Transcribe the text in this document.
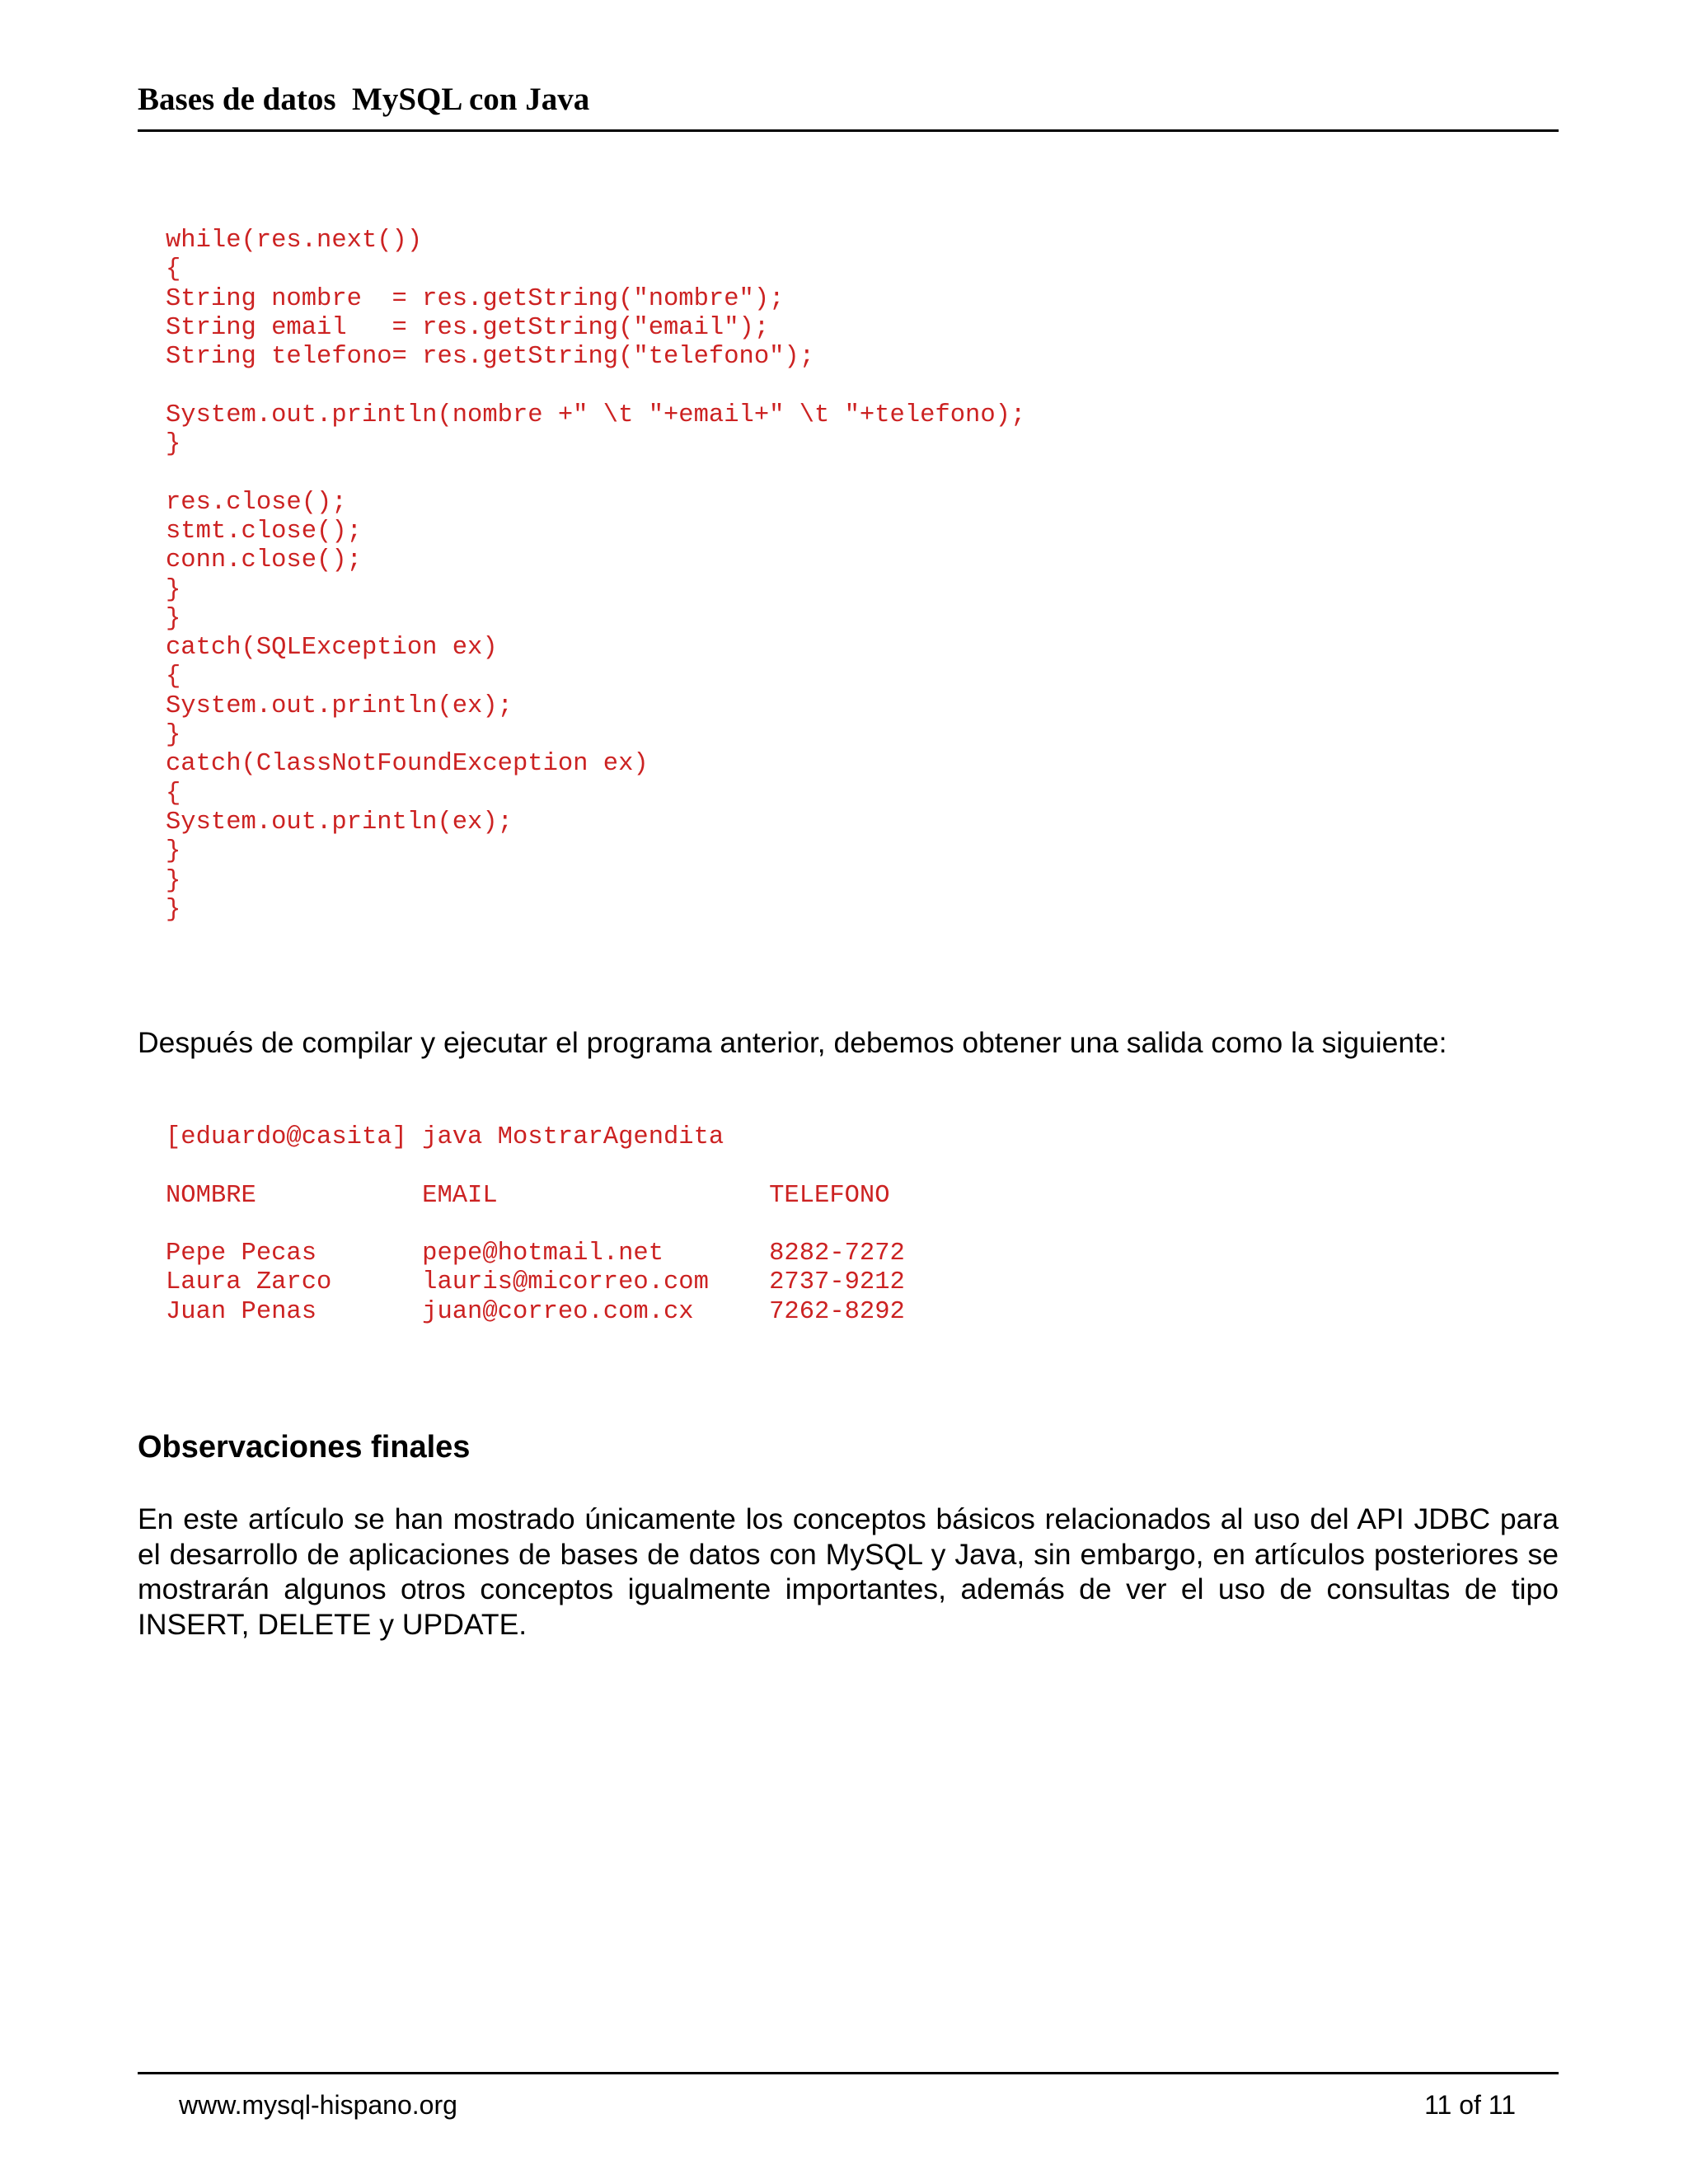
Bases de datos  MySQL con Java
while(res.next())
{
String nombre  = res.getString("nombre");
String email   = res.getString("email");
String telefono= res.getString("telefono");
System.out.println(nombre +" \t "+email+" \t "+telefono);
}
res.close();
stmt.close();
conn.close();
}
}
catch(SQLException ex)
{
System.out.println(ex);
}
catch(ClassNotFoundException ex)
{
System.out.println(ex);
}
}
}

Después de compilar y ejecutar el programa anterior, debemos obtener una salida como la siguiente:

[eduardo@casita] java MostrarAgendita
NOMBRE           EMAIL                  TELEFONO
Pepe Pecas       pepe@hotmail.net       8282-7272
Laura Zarco      lauris@micorreo.com    2737-9212
Juan Penas       juan@correo.com.cx     7262-8292
Observaciones finales

En este artículo se han mostrado únicamente los conceptos básicos relacionados al uso del API JDBC para el desarrollo de aplicaciones de bases de datos con MySQL y Java, sin embargo, en artículos posteriores se mostrarán algunos otros conceptos igualmente importantes, además de ver el uso de consultas de tipo INSERT, DELETE y UPDATE.

www.mysql-hispano.org	11 of 11
